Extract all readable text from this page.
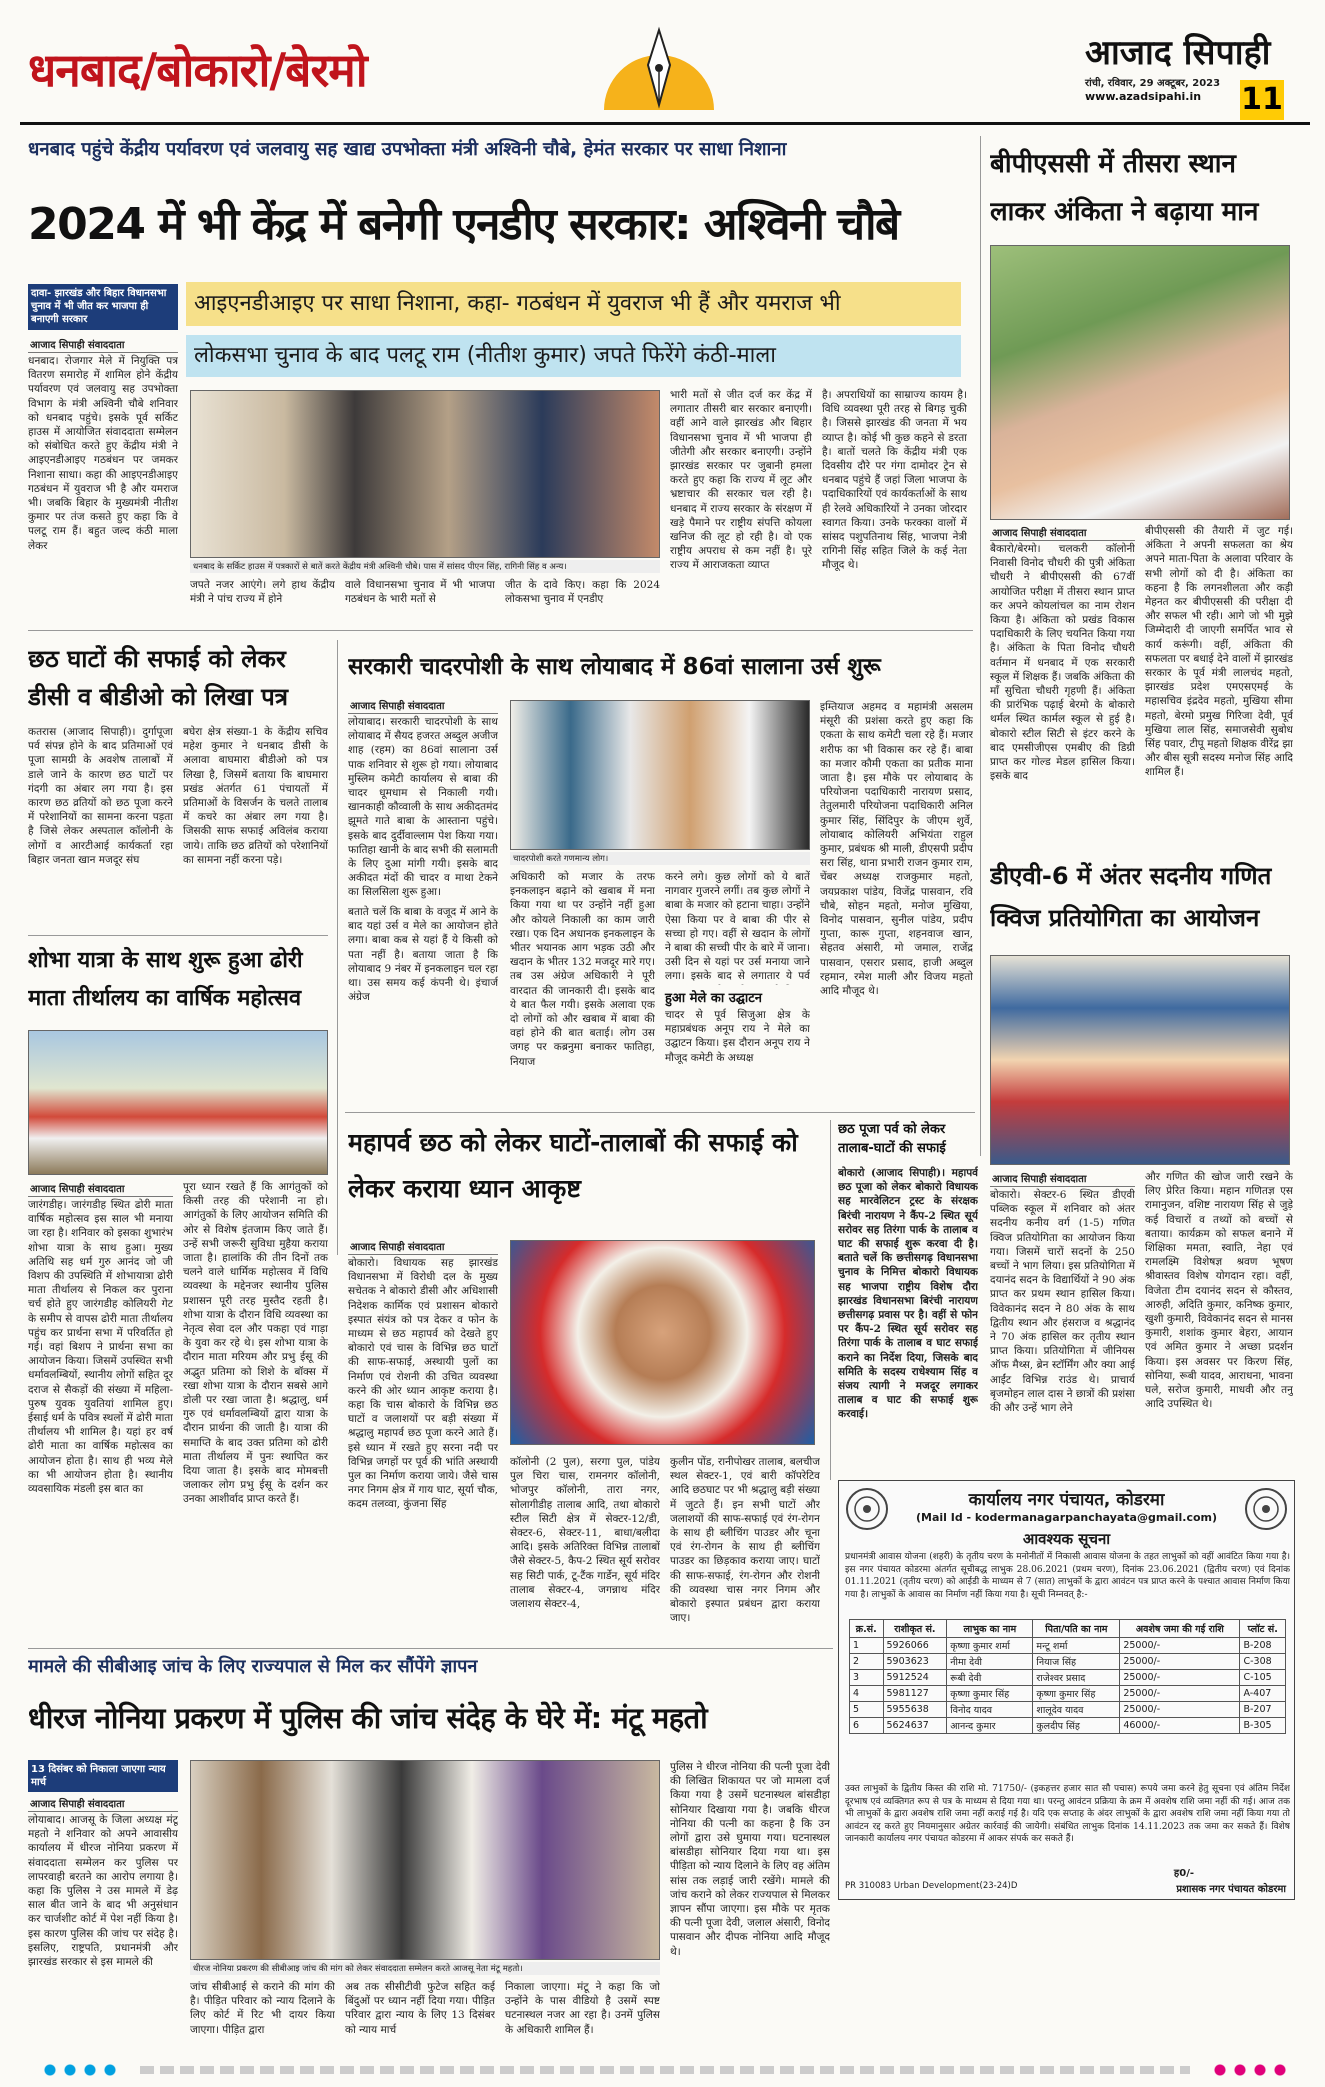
धनबाद/बोकारो/बेरमो	आजाद सिपाही
रांची, रविवार, 29 अक्टूबर, 2023
www.azadsipahi.in 11
धनबाद पहुंचे केंद्रीय पर्यावरण एवं जलवायु सह खाद्य उपभोक्ता मंत्री अश्विनी चौबे, हेमंत सरकार पर साधा निशाना
2024 में भी केंद्र में बनेगी एनडीए सरकार: अश्विनी चौबे
दावा- झारखंड और बिहार विधानसभा चुनाव में भी जीत कर भाजपा ही बनाएगी सरकार
आइएनडीआइए पर साधा निशाना, कहा- गठबंधन में युवराज भी हैं और यमराज भी
लोकसभा चुनाव के बाद पलटू राम (नीतीश कुमार) जपते फिरेंगे कंठी-माला
आजाद सिपाही संवाददाता
धनबाद। रोजगार मेले में नियुक्ति पत्र वितरण समारोह में शामिल होने केंद्रीय पर्यावरण एवं जलवायु सह उपभोक्ता विभाग के मंत्री अश्विनी चौबे शनिवार को धनबाद पहुंचे। इसके पूर्व सर्किट हाउस में आयोजित संवाददाता सम्मेलन को संबोधित करते हुए केंद्रीय मंत्री ने आइएनडीआइए गठबंधन पर जमकर निशाना साधा। कहा की आइएनडीआइए गठबंधन में युवराज भी है और यमराज भी। जबकि बिहार के मुख्यमंत्री नीतीश कुमार पर तंज कसते हुए कहा कि वे पलटू राम हैं। बहुत जल्द कंठी माला लेकर
धनबाद के सर्किट हाउस में पत्रकारों से बातें करते केंद्रीय मंत्री अश्विनी चौबे। पास में सांसद पीएन सिंह, रागिनी सिंह व अन्य।
जपते नजर आएंगे। लगे हाथ केंद्रीय मंत्री ने पांच राज्य में होने
वाले विधानसभा चुनाव में भी भाजपा गठबंधन के भारी मतों से
जीत के दावे किए। कहा कि 2024 लोकसभा चुनाव में एनडीए
भारी मतों से जीत दर्ज कर केंद्र में लगातार तीसरी बार सरकार बनाएगी। वहीं आने वाले झारखंड और बिहार विधानसभा चुनाव में भी भाजपा ही जीतेगी और सरकार बनाएगी। उन्होंने झारखंड सरकार पर जुबानी हमला करते हुए कहा कि राज्य में लूट और भ्रष्टाचार की सरकार चल रही है। धनबाद में राज्य सरकार के संरक्षण में खड़े पैमाने पर राष्ट्रीय संपत्ति कोयला खनिज की लूट हो रही है। वो एक राष्ट्रीय अपराध से कम नहीं है। पूरे राज्य में आराजकता व्याप्त
है। अपराधियों का साम्राज्य कायम है। विधि व्यवस्था पूरी तरह से बिगड़ चुकी है। जिससे झारखंड की जनता में भय व्याप्त है। कोई भी कुछ कहने से डरता है। बातों चलते कि केंद्रीय मंत्री एक दिवसीय दौरे पर गंगा दामोदर ट्रेन से धनबाद पहुंचे हैं जहां जिला भाजपा के पदाधिकारियों एवं कार्यकर्ताओं के साथ ही रेलवे अधिकारियों ने उनका जोरदार स्वागत किया। उनके फरक्का वालों में सांसद पशुपतिनाथ सिंह, भाजपा नेत्री रागिनी सिंह सहित जिले के कई नेता मौजूद थे।
बीपीएससी में तीसरा स्थान लाकर अंकिता ने बढ़ाया मान
आजाद सिपाही संवाददाता
बैकारो/बेरमो। चलकरी कॉलोनी निवासी विनोद चौधरी की पुत्री अंकिता चौधरी ने बीपीएससी की 67वीं आयोजित परीक्षा में तीसरा स्थान प्राप्त कर अपने कोयलांचल का नाम रोशन किया है। अंकिता को प्रखंड विकास पदाधिकारी के लिए चयनित किया गया है। अंकिता के पिता विनोद चौधरी वर्तमान में धनबाद में एक सरकारी स्कूल में शिक्षक हैं। जबकि अंकिता की माँ सुचिता चौधरी गृहणी हैं। अंकिता की प्रारंभिक पढ़ाई बेरमो के बोकारो थर्मल स्थित कार्मल स्कूल से हुई है। बोकारो स्टील सिटी से इंटर करने के बाद एमसीजीएस एमबीए की डिग्री प्राप्त कर गोल्ड मेडल हासिल किया। इसके बाद
बीपीएससी की तैयारी में जुट गई। अंकिता ने अपनी सफलता का श्रेय अपने माता-पिता के अलावा परिवार के सभी लोगों को दी है। अंकिता का कहना है कि लगनशीलता और कड़ी मेहनत कर बीपीएससी की परीक्षा दी और सफल भी रही। आगे जो भी मुझे जिम्मेदारी दी जाएगी समर्पित भाव से कार्य करूंगी। वहीं, अंकिता की सफलता पर बधाई देने वालों में झारखंड सरकार के पूर्व मंत्री लालचंद महतो, झारखंड प्रदेश एमएसएमई के महासचिव इंद्रदेव महतो, मुखिया सीमा महतो, बेरमो प्रमुख गिरिजा देवी, पूर्व मुखिया लाल सिंह, समाजसेवी सुबोध सिंह पवार, टीपू महतो शिक्षक वीरेंद्र झा और बीस सूत्री सदस्य मनोज सिंह आदि शामिल हैं।
छठ घाटों की सफाई को लेकर डीसी व बीडीओ को लिखा पत्र
कतरास (आजाद सिपाही)। दुर्गापूजा पर्व संपन्न होने के बाद प्रतिमाओं एवं पूजा सामग्री के अवशेष तालाबों में डाले जाने के कारण छठ घाटों पर गंदगी का अंबार लग गया है। इस कारण छठ व्रतियों को छठ पूजा करने में परेशानियों का सामना करना पड़ता है जिसे लेकर अस्पताल कॉलोनी के लोगों व आरटीआई कार्यकर्ता रहा बिहार जनता खान मजदूर संघ
बघेरा क्षेत्र संख्या-1 के केंद्रीय सचिव महेश कुमार ने धनबाद डीसी के अलावा बाघमारा बीडीओ को पत्र लिखा है, जिसमें बताया कि बाघमारा प्रखंड अंतर्गत 61 पंचायतों में प्रतिमाओं के विसर्जन के चलते तालाब में कचरे का अंबार लग गया है। जिसकी साफ सफाई अविलंब कराया जाये। ताकि छठ व्रतियों को परेशानियों का सामना नहीं करना पड़े।
शोभा यात्रा के साथ शुरू हुआ ढोरी माता तीर्थालय का वार्षिक महोत्सव
आजाद सिपाही संवाददाता
जारंगडीह। जारंगडीह स्थित ढोरी माता वार्षिक महोत्सव इस साल भी मनाया जा रहा है। शनिवार को इसका शुभारंभ शोभा यात्रा के साथ हुआ। मुख्य अतिथि सह धर्म गुरु आनंद जो जी विशप की उपस्थिति में शोभायात्रा ढोरी माता तीर्थालय से निकल कर पुराना चर्च होते हुए जारंगडीह कोलियरी गेट के समीप से वापस ढोरी माता तीर्थालय पहुंच कर प्रार्थना सभा में परिवर्तित हो गई। वहां बिशप ने प्रार्थना सभा का आयोजन किया। जिसमें उपस्थित सभी धर्मावलम्बियों, स्थानीय लोगों सहित दूर दराज से सैकड़ों की संख्या में महिला-पुरुष युवक युवतियां शामिल हुए। ईसाई धर्म के पवित्र स्थलों में ढोरी माता तीर्थालय भी शामिल है। यहां हर वर्ष ढोरी माता का वार्षिक महोत्सव का आयोजन होता है। साथ ही भव्य मेले का भी आयोजन होता है। स्थानीय व्यवसायिक मंडली इस बात का
पूरा ध्यान रखते हैं कि आगंतुकों को किसी तरह की परेशानी ना हो। आगंतुकों के लिए आयोजन समिति की ओर से विशेष इंतजाम किए जाते हैं। उन्हें सभी जरूरी सुविधा मुहैया कराया जाता है। हालांकि की तीन दिनों तक चलने वाले धार्मिक महोत्सव में विधि व्यवस्था के मद्देनजर स्थानीय पुलिस प्रशासन पूरी तरह मुस्तैद रहती है। शोभा यात्रा के दौरान विधि व्यवस्था का नेतृत्व सेवा दल और पकहा एवं गाड़ा के युवा कर रहे थे। इस शोभा यात्रा के दौरान माता मरियम और प्रभु ईसू की अद्भुत प्रतिमा को शिशे के बॉक्स में रखा शोभा यात्रा के दौरान सबसे आगे डोली पर रखा जाता है। श्रद्धालु, धर्म गुरु एवं धर्मावलम्बियों द्वारा यात्रा के दौरान प्रार्थना की जाती है। यात्रा की समाप्ति के बाद उक्त प्रतिमा को ढोरी माता तीर्थालय में पुनः स्थापित कर दिया जाता है। इसके बाद मोमबत्ती जलाकर लोग प्रभु ईसू के दर्शन कर उनका आशीर्वाद प्राप्त करते हैं।
सरकारी चादरपोशी के साथ लोयाबाद में 86वां सालाना उर्स शुरू
आजाद सिपाही संवाददाता
लोयाबाद। सरकारी चादरपोशी के साथ लोयाबाद में सैयद हजरत अब्दुल अजीज शाह (रहम) का 86वां सालाना उर्स पाक शनिवार से शुरू हो गया। लोयाबाद मुस्लिम कमेटी कार्यालय से बाबा की चादर धूमधाम से निकाली गयी। खानकाही कौव्वाली के साथ अकीदतमंद झूमते गाते बाबा के आस्ताना पहुंचे। इसके बाद दुर्दीवाल्लाम पेश किया गया। फातिहा खानी के बाद सभी की सलामती के लिए दुआ मांगी गयी। इसके बाद अकीदत मंदों की चादर व माथा टेकने का सिलसिला शुरू हुआ।
बताते चलें कि बाबा के वजूद में आने के बाद यहां उर्स व मेले का आयोजन होते लगा। बाबा कब से यहां हैं ये किसी को पता नहीं है। बताया जाता है कि लोयाबाद 9 नंबर में इनकलाइन चल रहा था। उस समय कई कंपनी थे। इंचार्ज अंग्रेज
चादरपोशी करते गणमान्य लोग।
अधिकारी को मजार के तरफ इनकलाइन बढ़ाने को खबाब में मना किया गया था पर उन्होंने नहीं हुआ और कोयले निकाली का काम जारी रखा। एक दिन अधानक इनकलाइन के भीतर भयानक आग भड़क उठी और खदान के भीतर 132 मजदूर मारे गए। तब उस अंग्रेज अधिकारी ने पूरी वारदात की जानकारी दी। इसके बाद ये बात फैल गयी। इसके अलावा एक दो लोगों को और खबाब में बाबा की वहां होने की बात बताई। लोग उस जगह पर कब्रनुमा बनाकर फातिहा, नियाज
करने लगे। कुछ लोगों को ये बातें नागवार गुजरने लगीं। तब कुछ लोगों ने बाबा के मजार को हटाना चाहा। उन्होंने ऐसा किया पर वे बाबा की पीर से सच्चा हो गए। वहीं से खदान के लोगों ने बाबा की सच्ची पीर के बारे में जाना। उसी दिन से यहां पर उर्स मनाया जाने लगा। इसके बाद से लगातार ये पर्व
हुआ मेले का उद्घाटन
चादर से पूर्व सिजुआ क्षेत्र के महाप्रबंधक अनूप राय ने मेले का उद्घाटन किया। इस दौरान अनूप राय ने मौजूद कमेटी के अध्यक्ष
इम्तियाज अहमद व महामंत्री असलम मंसूरी की प्रशंसा करते हुए कहा कि एकता के साथ कमेटी चला रहे हैं। मजार शरीफ का भी विकास कर रहे हैं। बाबा का मजार कौमी एकता का प्रतीक माना जाता है। इस मौके पर लोयाबाद के परियोजना पदाधिकारी नारायण प्रसाद, तेतुलमारी परियोजना पदाधिकारी अनिल कुमार सिंह, सिंदिपुर के जीएम शुर्वे, लोयाबाद कोलियरी अभियंता राहुल कुमार, प्रबंधक श्री माली, डीएसपी प्रदीप सरा सिंह, थाना प्रभारी राजन कुमार राम, चेंबर अध्यक्ष राजकुमार महतो, जयप्रकाश पांडेय, विजेंद्र पासवान, रवि चौबे, सोहन महतो, मनोज मुखिया, विनोद पासवान, सुनील पांडेय, प्रदीप गुप्ता, कारू गुप्ता, शहनवाज खान, सेहतव अंसारी, मो जमाल, राजेंद्र पासवान, एसरार प्रसाद, हाजी अब्दुल रहमान, रमेश माली और विजय महतो आदि मौजूद थे।
डीएवी-6 में अंतर सदनीय गणित क्विज प्रतियोगिता का आयोजन
आजाद सिपाही संवाददाता
बोकारो। सेक्टर-6 स्थित डीएवी पब्लिक स्कूल में शनिवार को अंतर सदनीय कनीय वर्ग (1-5) गणित क्विज प्रतियोगिता का आयोजन किया गया। जिसमें चारों सदनों के 250 बच्चों ने भाग लिया। इस प्रतियोगिता में दयानंद सदन के विद्यार्थियों ने 90 अंक प्राप्त कर प्रथम स्थान हासिल किया। विवेकानंद सदन ने 80 अंक के साथ द्वितीय स्थान और हंसराज व श्रद्धानंद ने 70 अंक हासिल कर तृतीय स्थान प्राप्त किया। प्रतियोगिता में जीनियस ऑफ मैथ्स, ब्रेन स्टॉर्मिंग और क्या आई आईंट विभिन्न राउंड थे। प्राचार्य बृजमोहन लाल दास ने छात्रों की प्रशंसा की और उन्हें भाग लेने
और गणित की खोज जारी रखने के लिए प्रेरित किया। महान गणितज्ञ एस रामानुजन, वशिष्ट नारायण सिंह से जुड़े कई विचारों व तथ्यों को बच्चों से बताया। कार्यक्रम को सफल बनाने में शिक्षिका ममता, स्वाति, नेहा एवं रामलक्ष्मि विशेषज्ञ श्रवण भूषण श्रीवास्तव विशेष योगदान रहा। वहीं, विजेता टीम दयानंद सदन से कौस्तव, आरुही, अदिति कुमार, कनिष्क कुमार, खुशी कुमारी, विवेकानंद सदन से मानस कुमारी, शशांक कुमार बेहरा, आयान एवं अमित कुमार ने अच्छा प्रदर्शन किया। इस अवसर पर किरण सिंह, सोनिया, रूबी यादव, आराधना, भावना घले, सरोज कुमारी, माधवी और तनु आदि उपस्थित थे।
महापर्व छठ को लेकर घाटों-तालाबों की सफाई को लेकर कराया ध्यान आकृष्ट
आजाद सिपाही संवाददाता
बोकारो। विधायक सह झारखंड विधानसभा में विरोधी दल के मुख्य सचेतक ने बोकारो डीसी और अधिशासी निदेशक कार्मिक एवं प्रशासन बोकारो इस्पात संयंत्र को पत्र देकर व फोन के माध्यम से छठ महापर्व को देखते हुए बोकारो एवं चास के विभिन्न छठ घाटों की साफ-सफाई, अस्थायी पुलों का निर्माण एवं रोशनी की उचित व्यवस्था करने की ओर ध्यान आकृष्ट कराया है। कहा कि चास बोकारो के विभिन्न छठ घाटों व जलाशयों पर बड़ी संख्या में श्रद्धालु महापर्व छठ पूजा करने आते हैं। इसे ध्यान में रखते हुए सरना नदी पर विभिन्न जगहों पर पूर्व की भांति अस्थायी पुल का निर्माण कराया जाये। जैसे चास नगर निगम क्षेत्र में गाय घाट, सूर्या चौक, कदम तलव्वा, कुंजना सिंह
कॉलोनी (2 पुल), सरगा पुल, पांडेय पुल चिरा चास, रामनगर कॉलोनी, भोजपुर कॉलोनी, तारा नगर, सोलागीडीह तालाब आदि, तथा बोकारो स्टील सिटी क्षेत्र में सेक्टर-12/डी, सेक्टर-6, सेक्टर-11, बाधा/बलीदा आदि। इसके अतिरिक्त विभिन्न तालाबों जैसे सेक्टर-5, कैप-2 स्थित सूर्य सरोवर सह सिटी पार्क, टू-टैंक गार्डेन, सूर्य मंदिर तालाब सेक्टर-4, जगन्नाथ मंदिर जलाशय सेक्टर-4,
कुलीन पोंड, रानीपोखर तालाब, बलचीज स्थल सेक्टर-1, एवं बारी कॉपरेटिव आदि छठघाट पर भी श्रद्धालु बड़ी संख्या में जुटते हैं। इन सभी घाटों और जलाशयों की साफ-सफाई एवं रंग-रोगन के साथ ही ब्लीचिंग पाउडर और चूना एवं रंग-रोगन के साथ ही ब्लीचिंग पाउडर का छिड़काव कराया जाए। घाटों की साफ-सफाई, रंग-रोगन और रोशनी की व्यवस्था चास नगर निगम और बोकारो इस्पात प्रबंधन द्वारा कराया जाए।
छठ पूजा पर्व को लेकर तालाब-घाटों की सफाई
बोकारो (आजाद सिपाही)। महापर्व छठ पूजा को लेकर बोकारो विधायक सह मारवेलिटन ट्रस्ट के संरक्षक बिरंची नारायण ने कैंप-2 स्थित सूर्य सरोवर सह तिरंगा पार्क के तालाब व घाट की सफाई शुरू करवा दी है। बताते चलें कि छत्तीसगढ़ विधानसभा चुनाव के निमित्त बोकारो विधायक सह भाजपा राष्ट्रीय विशेष दौरा झारखंड विधानसभा बिरंची नारायण छत्तीसगढ़ प्रवास पर है। वहीं से फोन पर कैंप-2 स्थित सूर्य सरोवर सह तिरंगा पार्क के तालाब व घाट सफाई कराने का निर्देश दिया, जिसके बाद समिति के सदस्य राधेश्याम सिंह व संजय त्यागी ने मजदूर लगाकर तालाब व घाट की सफाई शुरू करवाई।
कार्यालय नगर पंचायत, कोडरमा
(Mail Id - kodermanagarpanchayata@gmail.com)
आवश्यक सूचना
प्रधानमंत्री आवास योजना (शहरी) के तृतीय चरण के मनोनीतों में निकासी आवास योजना के तहत लाभुकों को वहीं आवंटित किया गया है। इस नगर पंचायत कोडरमा अंतर्गत सूचीबद्ध लाभुक 28.06.2021 (प्रथम चरण), दिनांक 23.06.2021 (द्वितीय चरण) एवं दिनांक 01.11.2021 (तृतीय चरण) को आईडी के माध्यम से 7 (सात) लाभुकों के द्वारा आवंटन पत्र प्राप्त करने के पश्चात आवास निर्माण किया गया है। लाभुकों के आवास का निर्माण नहीं किया गया है। सूची निम्नवत् है:-
क्र.सं.	राशीकृत सं.	लाभुक का नाम	पिता/पति का नाम	अवशेष जमा की गई राशि	प्लॉट सं.
1	5926066	कृष्णा कुमार शर्मा	मन्टू शर्मा	25000/-	B-208
2	5903623	नीमा देवी	नियाज सिंह	25000/-	C-308
3	5912524	रूबी देवी	राजेश्वर प्रसाद	25000/-	C-105
4	5981127	कृष्णा कुमार सिंह	कृष्णा कुमार सिंह	25000/-	A-407
5	5955638	विनोद यादव	शालूदेव यादव	25000/-	B-207
6	5624637	आनन्द कुमार	कुलदीप सिंह	46000/-	B-305
उक्त लाभुकों के द्वितीय किस्त की राशि मो. 71750/- (इकहत्तर हजार सात सौ पचास) रूपये जमा करने हेतु सूचना एवं अंतिम निर्देश दूरभाष एवं व्यक्तिगत रूप से पत्र के माध्यम से दिया गया था। परन्तु आवंटन प्रक्रिया के क्रम में अवशेष राशि जमा नहीं की गई। आज तक भी लाभुकों के द्वारा अवशेष राशि जमा नहीं कराई गई है। यदि एक सप्ताह के अंदर लाभुकों के द्वारा अवशेष राशि जमा नहीं किया गया तो आवंटन रद्द करते हुए नियमानुसार अग्रेतर कार्रवाई की जायेगी। संबंधित लाभुक दिनांक 14.11.2023 तक जमा कर सकते हैं। विशेष जानकारी कार्यालय नगर पंचायत कोडरमा में आकर संपर्क कर सकते हैं।
ह0/-
PR 310083 Urban Development(23-24)D	प्रशासक नगर पंचायत कोडरमा
मामले की सीबीआइ जांच के लिए राज्यपाल से मिल कर सौंपेंगे ज्ञापन
धीरज नोनिया प्रकरण में पुलिस की जांच संदेह के घेरे में: मंटू महतो
13 दिसंबर को निकाला जाएगा न्याय मार्च
आजाद सिपाही संवाददाता
लोयाबाद। आजसू के जिला अध्यक्ष मंटू महतो ने शनिवार को अपने आवासीय कार्यालय में धीरज नोनिया प्रकरण में संवाददाता सम्मेलन कर पुलिस पर लापरवाही बरतने का आरोप लगाया है। कहा कि पुलिस ने उस मामले में डेढ़ साल बीत जाने के बाद भी अनुसंधान कर चार्जशीट कोर्ट में पेश नहीं किया है। इस कारण पुलिस की जांच पर संदेह है। इसलिए, राष्ट्रपति, प्रधानमंत्री और झारखंड सरकार से इस मामले की
धीरज नोनिया प्रकरण की सीबीआइ जांच की मांग को लेकर संवाददाता सम्मेलन करते आजसू नेता मंटू महतो।
जांच सीबीआई से कराने की मांग की है। पीड़ित परिवार को न्याय दिलाने के लिए कोर्ट में रिट भी दायर किया जाएगा। पीड़ित द्वारा
अब तक सीसीटीवी फुटेज सहित कई बिंदुओं पर ध्यान नहीं दिया गया। पीड़ित परिवार द्वारा न्याय के लिए 13 दिसंबर को न्याय मार्च
निकाला जाएगा। मंटू ने कहा कि जो उन्होंने के पास वीडियो है उसमें स्पष्ट घटनास्थल नजर आ रहा है। उनमें पुलिस के अधिकारी शामिल हैं।
पुलिस ने धीरज नोनिया की पत्नी पूजा देवी की लिखित शिकायत पर जो मामला दर्ज किया गया है उसमें घटनास्थल बांसडीहा सोनियार दिखाया गया है। जबकि धीरज नोनिया की पत्नी का कहना है कि उन लोगों द्वारा उसे घुमाया गया। घटनास्थल बांसडीहा सोनियार दिया गया था। इस पीड़िता को न्याय दिलाने के लिए वह अंतिम सांस तक लड़ाई जारी रखेंगे। मामले की जांच कराने को लेकर राज्यपाल से मिलकर ज्ञापन सौंपा जाएगा। इस मौके पर मृतक की पत्नी पूजा देवी, जलाल अंसारी, विनोद पासवान और दीपक नोनिया आदि मौजूद थे।
